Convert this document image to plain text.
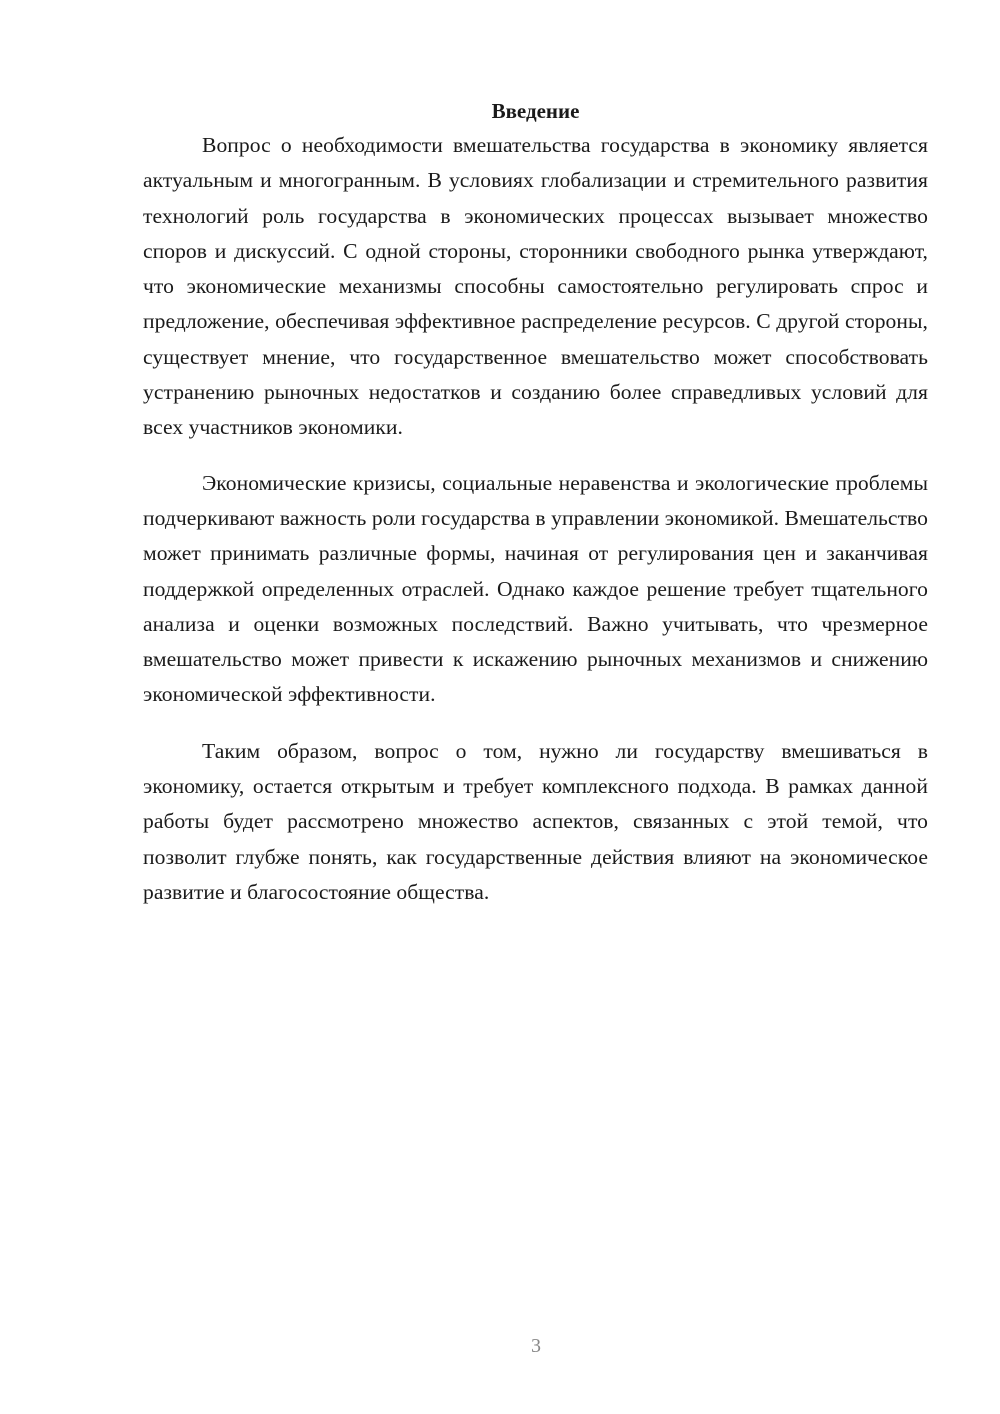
Введение

Вопрос о необходимости вмешательства государства в экономику является актуальным и многогранным. В условиях глобализации и стремительного развития технологий роль государства в экономических процессах вызывает множество споров и дискуссий. С одной стороны, сторонники свободного рынка утверждают, что экономические механизмы способны самостоятельно регулировать спрос и предложение, обеспечивая эффективное распределение ресурсов. С другой стороны, существует мнение, что государственное вмешательство может способствовать устранению рыночных недостатков и созданию более справедливых условий для всех участников экономики.

Экономические кризисы, социальные неравенства и экологические проблемы подчеркивают важность роли государства в управлении экономикой. Вмешательство может принимать различные формы, начиная от регулирования цен и заканчивая поддержкой определенных отраслей. Однако каждое решение требует тщательного анализа и оценки возможных последствий. Важно учитывать, что чрезмерное вмешательство может привести к искажению рыночных механизмов и снижению экономической эффективности.

Таким образом, вопрос о том, нужно ли государству вмешиваться в экономику, остается открытым и требует комплексного подхода. В рамках данной работы будет рассмотрено множество аспектов, связанных с этой темой, что позволит глубже понять, как государственные действия влияют на экономическое развитие и благосостояние общества.

3
